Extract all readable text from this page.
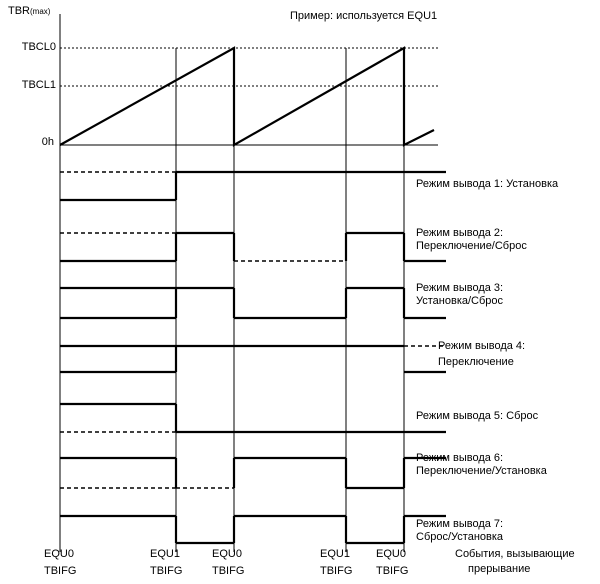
Пример: используется EQU1
TBR(max)
TBCL0
TBCL1
0h
Режим вывода 1: Установка
Режим вывода 2:
Переключение/Сброс
Режим вывода 3:
Установка/Сброс
Режим вывода 4:
Переключение
Режим вывода 5: Сброс
Режим вывода 6:
Переключение/Установка
Режим вывода 7:
Сброс/Установка
EQU0
TBIFG
EQU1
TBIFG
EQU0
TBIFG
EQU1
TBIFG
EQU0
TBIFG
События, вызывающие
прерывание
